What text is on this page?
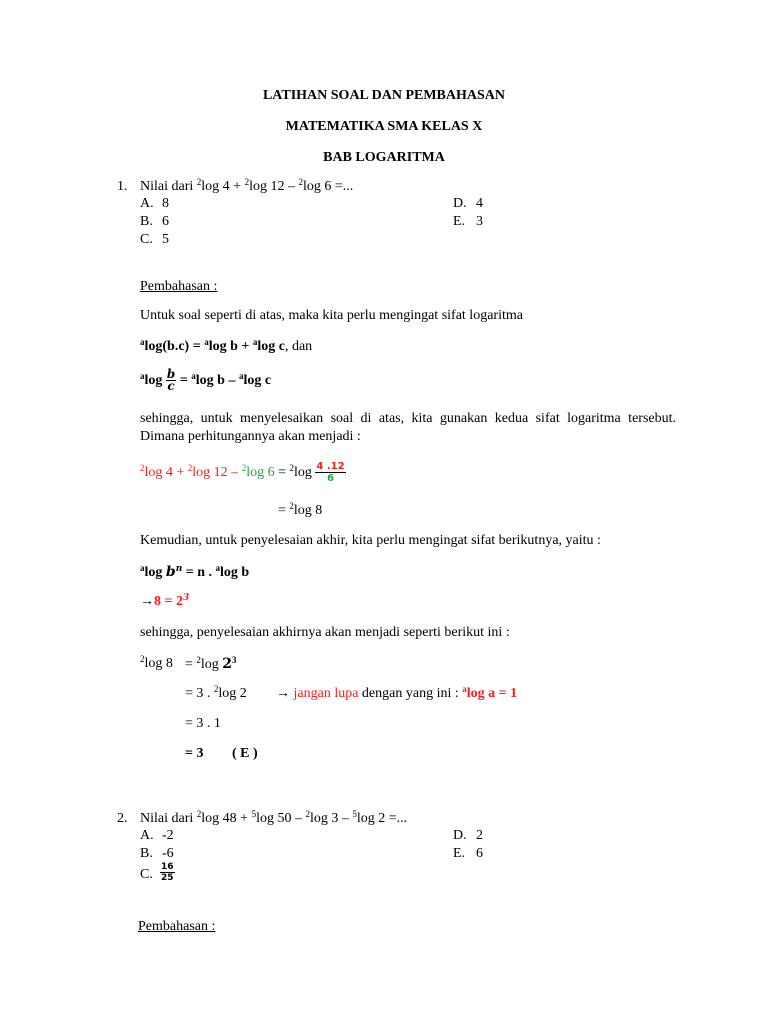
LATIHAN SOAL DAN PEMBAHASAN
MATEMATIKA SMA KELAS X
BAB LOGARITMA
1. Nilai dari $^2$log 4 + $^2$log 12 – $^2$log 6 =...
A. 8
B. 6
C. 5
D. 4
E. 3
Pembahasan :
Untuk soal seperti di atas, maka kita perlu mengingat sifat logaritma
$^a$log(b.c) = $^a$log b + $^a$log c, dan
$^a\log \frac{b}{c} = ^a\log$ b – $^a$log c
sehingga, untuk menyelesaikan soal di atas, kita gunakan kedua sifat logaritma tersebut. Dimana perhitungannya akan menjadi :
$^2$log 4 + $^2$log 12 – $^2$log $6 = ^2\log \frac{4 .12}{6}$
= $^2$log 8
Kemudian, untuk penyelesaian akhir, kita perlu mengingat sifat berikutnya, yaitu :
$^a$log $b^n = n$ . $^a$log b
$\to 8 = 2^3$
sehingga, penyelesaian akhirnya akan menjadi seperti berikut ini :
$^2$log 8 = $^2$log $2^3$
= 3 . $^2$log 2 → jangan lupa dengan yang ini : $^a$log a = 1
= 3 . 1
= 3 ( E )
2. Nilai dari $^2$log 48 + $^5$log 50 – $^2$log 3 – $^5$log 2 =...
A. -2
B. -6
C. $\frac{16}{25}$
D. 2
E. 6
Pembahasan :
